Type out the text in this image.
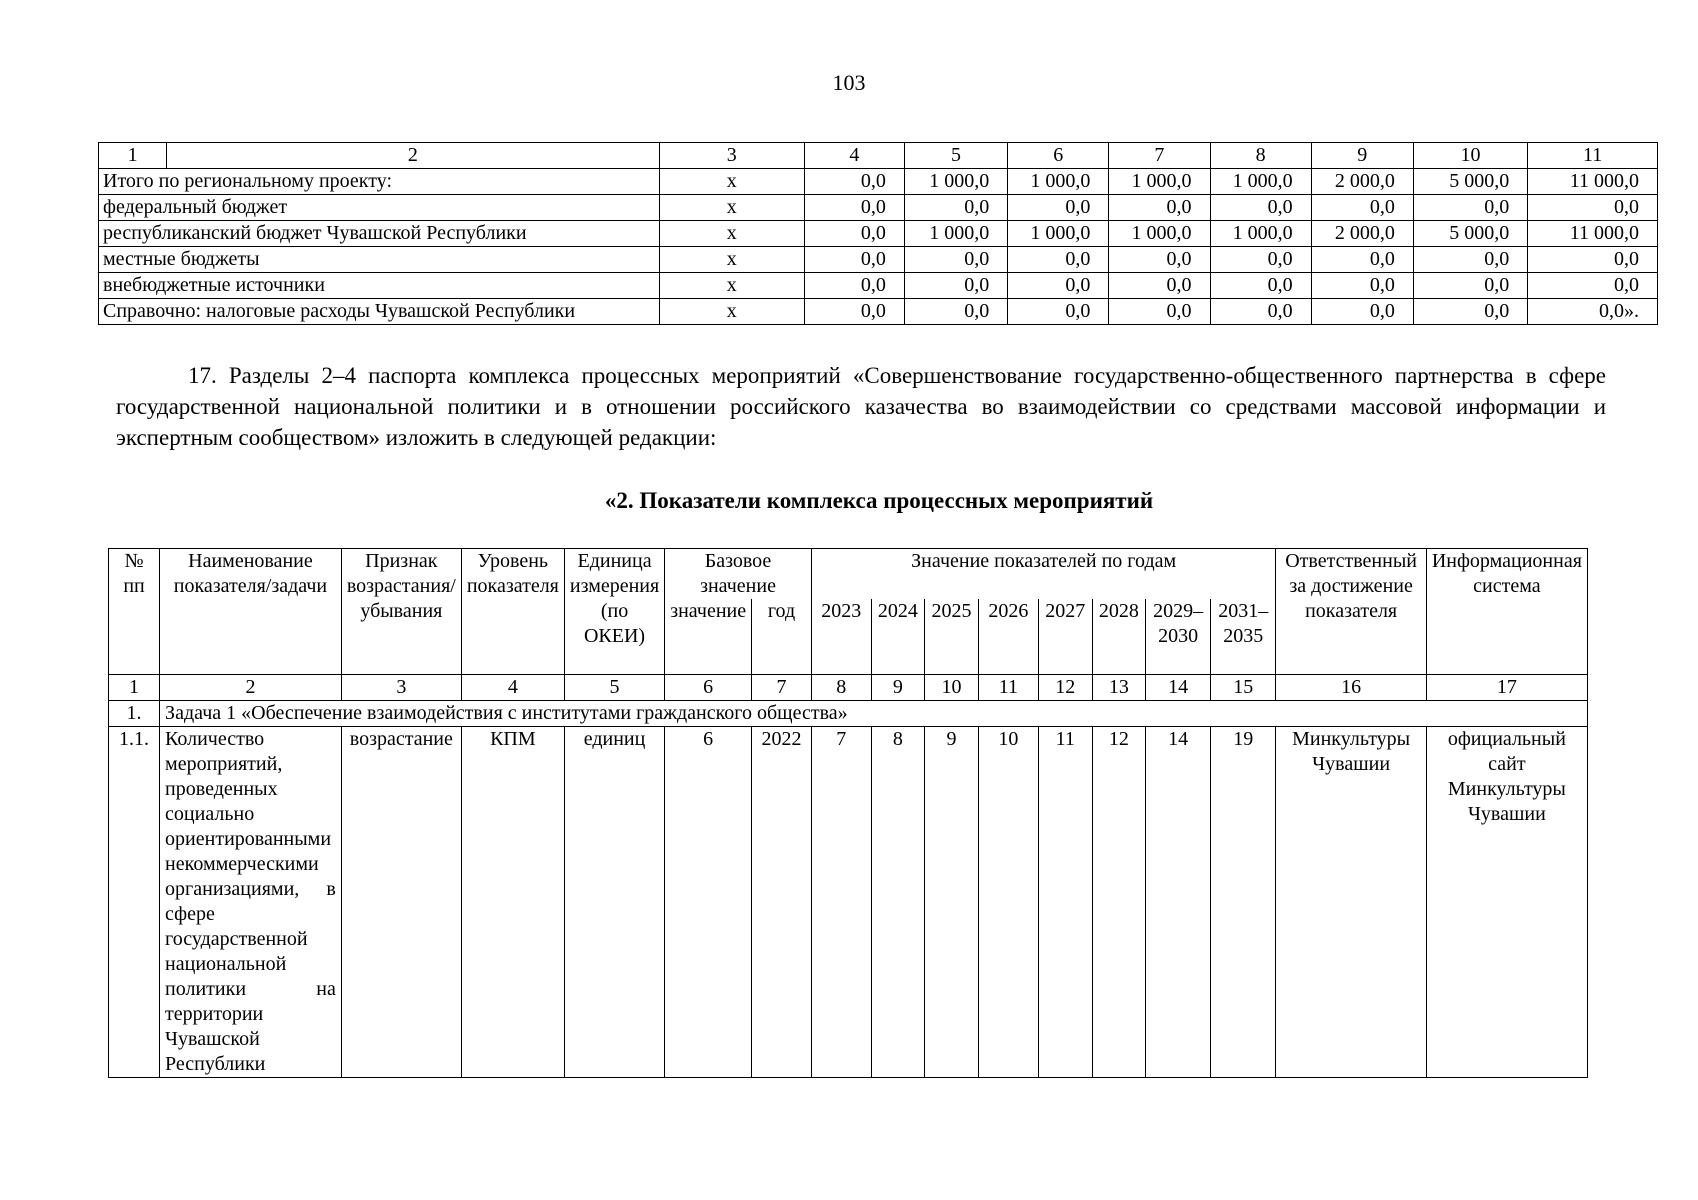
103
1	2	3	4	5	6	7	8	9	10	11
Итого по региональному проекту:		х	0,0	1 000,0	1 000,0	1 000,0	1 000,0	2 000,0	5 000,0	11 000,0
федеральный бюджет		х	0,0	0,0	0,0	0,0	0,0	0,0	0,0	0,0
республиканский бюджет Чувашской Республики		х	0,0	1 000,0	1 000,0	1 000,0	1 000,0	2 000,0	5 000,0	11 000,0
местные бюджеты		х	0,0	0,0	0,0	0,0	0,0	0,0	0,0	0,0
внебюджетные источники		х	0,0	0,0	0,0	0,0	0,0	0,0	0,0	0,0
Справочно: налоговые расходы Чувашской Республики		х	0,0	0,0	0,0	0,0	0,0	0,0	0,0	0,0».

17. Разделы 2–4 паспорта комплекса процессных мероприятий «Совершенствование государственно-общественного партнерства в сфере государственной национальной политики и в отношении российского казачества во взаимодействии со средствами массовой информации и экспертным сообществом» изложить в следующей редакции:

«2. Показатели комплекса процессных мероприятий
№ пп	Наименование показателя/задачи	Признак возрастания/убывания	Уровень показателя	Единица измерения (по ОКЕИ)	Базовое значение		Значение показателей по годам								Ответственный за достижение показателя	Информационная система
					значение	год	2023	2024	2025	2026	2027	2028	2029–2030	2031–2035		
1	2	3	4	5	6	7	8	9	10	11	12	13	14	15	16	17
1.	Задача 1 «Обеспечение взаимодействия с институтами гражданского общества»															
1.1.	Количество мероприятий, проведенных социально ориентированными некоммерческими организациями, в сфере государственной национальной политики на территории Чувашской Республики	возрастание	КПМ	единиц	6	2022	7	8	9	10	11	12	14	19	Минкультуры Чувашии	официальный сайт Минкультуры Чувашии
